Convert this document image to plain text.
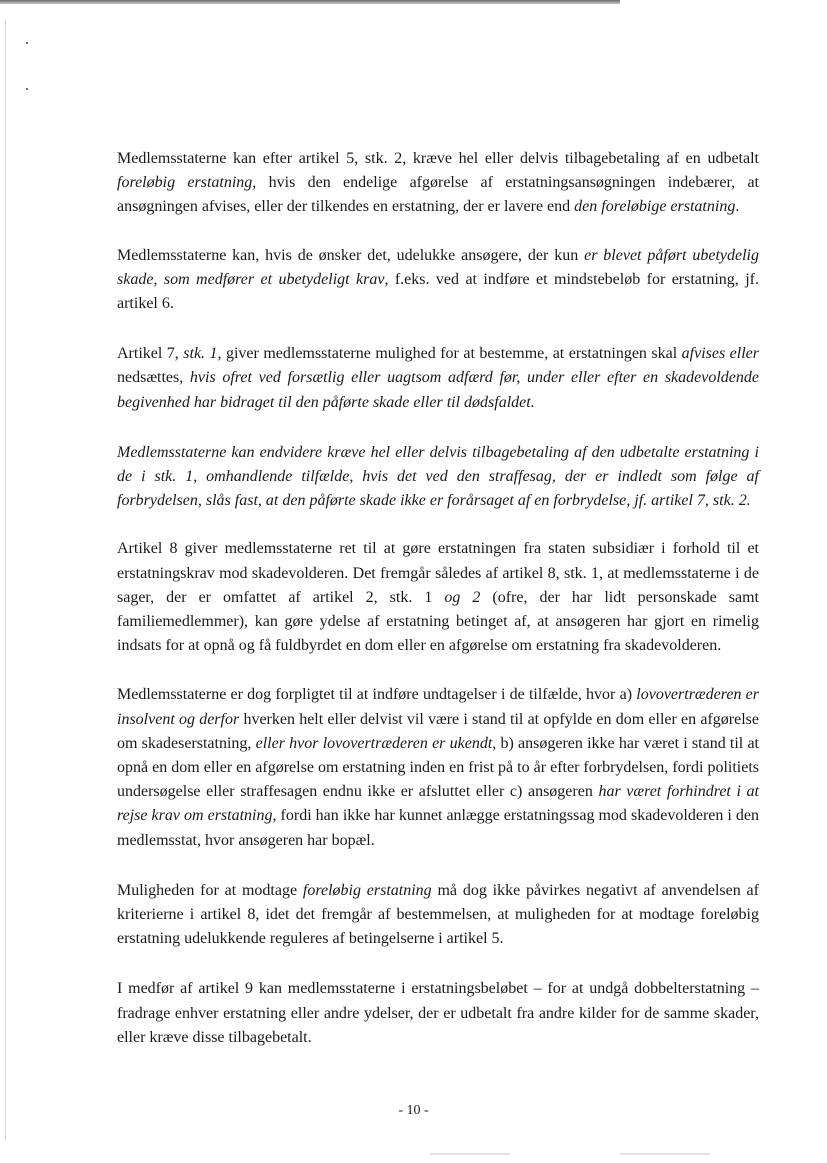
Medlemsstaterne kan efter artikel 5, stk. 2, kræve hel eller delvis tilbagebetaling af en udbetalt foreløbig erstatning, hvis den endelige afgørelse af erstatningsansøgningen indebærer, at ansøgningen afvises, eller der tilkendes en erstatning, der er lavere end den foreløbige erstatning.

Medlemsstaterne kan, hvis de ønsker det, udelukke ansøgere, der kun er blevet påført ubetydelig skade, som medfører et ubetydeligt krav, f.eks. ved at indføre et mindstebeløb for erstatning, jf. artikel 6.

Artikel 7, stk. 1, giver medlemsstaterne mulighed for at bestemme, at erstatningen skal afvises eller nedsættes, hvis ofret ved forsætlig eller uagtsom adfærd før, under eller efter en skadevoldende begivenhed har bidraget til den påførte skade eller til dødsfaldet.

Medlemsstaterne kan endvidere kræve hel eller delvis tilbagebetaling af den udbetalte erstatning i de i stk. 1, omhandlende tilfælde, hvis det ved den straffesag, der er indledt som følge af forbrydelsen, slås fast, at den påførte skade ikke er forårsaget af en forbrydelse, jf. artikel 7, stk. 2.

Artikel 8 giver medlemsstaterne ret til at gøre erstatningen fra staten subsidiær i forhold til et erstatningskrav mod skadevolderen. Det fremgår således af artikel 8, stk. 1, at medlemsstaterne i de sager, der er omfattet af artikel 2, stk. 1 og 2 (ofre, der har lidt personskade samt familiemedlemmer), kan gøre ydelse af erstatning betinget af, at ansøgeren har gjort en rimelig indsats for at opnå og få fuldbyrdet en dom eller en afgørelse om erstatning fra skadevolderen.

Medlemsstaterne er dog forpligtet til at indføre undtagelser i de tilfælde, hvor a) lovovertræderen er insolvent og derfor hverken helt eller delvist vil være i stand til at opfylde en dom eller en afgørelse om skadeserstatning, eller hvor lovovertræderen er ukendt, b) ansøgeren ikke har været i stand til at opnå en dom eller en afgørelse om erstatning inden en frist på to år efter forbrydelsen, fordi politiets undersøgelse eller straffesagen endnu ikke er afsluttet eller c) ansøgeren har været forhindret i at rejse krav om erstatning, fordi han ikke har kunnet anlægge erstatningssag mod skadevolderen i den medlemsstat, hvor ansøgeren har bopæl.

Muligheden for at modtage foreløbig erstatning må dog ikke påvirkes negativt af anvendelsen af kriterierne i artikel 8, idet det fremgår af bestemmelsen, at muligheden for at modtage foreløbig erstatning udelukkende reguleres af betingelserne i artikel 5.

I medfør af artikel 9 kan medlemsstaterne i erstatningsbeløbet – for at undgå dobbelterstatning – fradrage enhver erstatning eller andre ydelser, der er udbetalt fra andre kilder for de samme skader, eller kræve disse tilbagebetalt.

- 10 -
